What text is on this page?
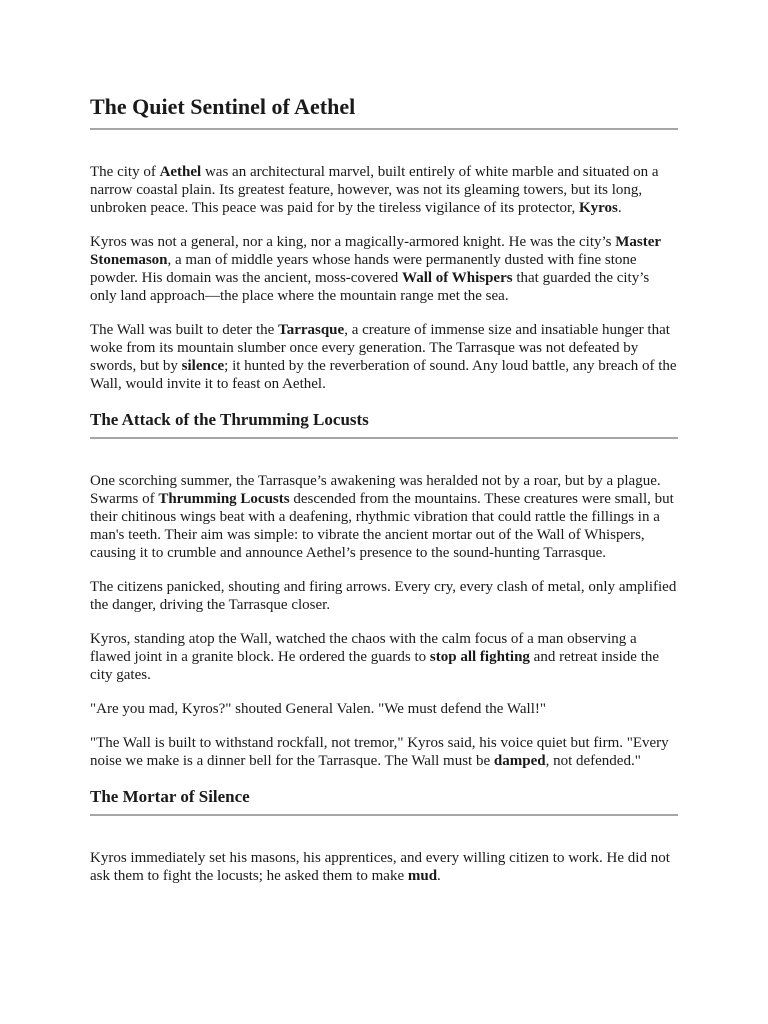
The Quiet Sentinel of Aethel

The city of Aethel was an architectural marvel, built entirely of white marble and situated on a narrow coastal plain. Its greatest feature, however, was not its gleaming towers, but its long, unbroken peace. This peace was paid for by the tireless vigilance of its protector, Kyros.

Kyros was not a general, nor a king, nor a magically-armored knight. He was the city’s Master Stonemason, a man of middle years whose hands were permanently dusted with fine stone powder. His domain was the ancient, moss-covered Wall of Whispers that guarded the city’s only land approach—the place where the mountain range met the sea.

The Wall was built to deter the Tarrasque, a creature of immense size and insatiable hunger that woke from its mountain slumber once every generation. The Tarrasque was not defeated by swords, but by silence; it hunted by the reverberation of sound. Any loud battle, any breach of the Wall, would invite it to feast on Aethel.

The Attack of the Thrumming Locusts

One scorching summer, the Tarrasque’s awakening was heralded not by a roar, but by a plague. Swarms of Thrumming Locusts descended from the mountains. These creatures were small, but their chitinous wings beat with a deafening, rhythmic vibration that could rattle the fillings in a man's teeth. Their aim was simple: to vibrate the ancient mortar out of the Wall of Whispers, causing it to crumble and announce Aethel’s presence to the sound-hunting Tarrasque.

The citizens panicked, shouting and firing arrows. Every cry, every clash of metal, only amplified the danger, driving the Tarrasque closer.

Kyros, standing atop the Wall, watched the chaos with the calm focus of a man observing a flawed joint in a granite block. He ordered the guards to stop all fighting and retreat inside the city gates.

"Are you mad, Kyros?" shouted General Valen. "We must defend the Wall!"

"The Wall is built to withstand rockfall, not tremor," Kyros said, his voice quiet but firm. "Every noise we make is a dinner bell for the Tarrasque. The Wall must be damped, not defended."

The Mortar of Silence

Kyros immediately set his masons, his apprentices, and every willing citizen to work. He did not ask them to fight the locusts; he asked them to make mud.
